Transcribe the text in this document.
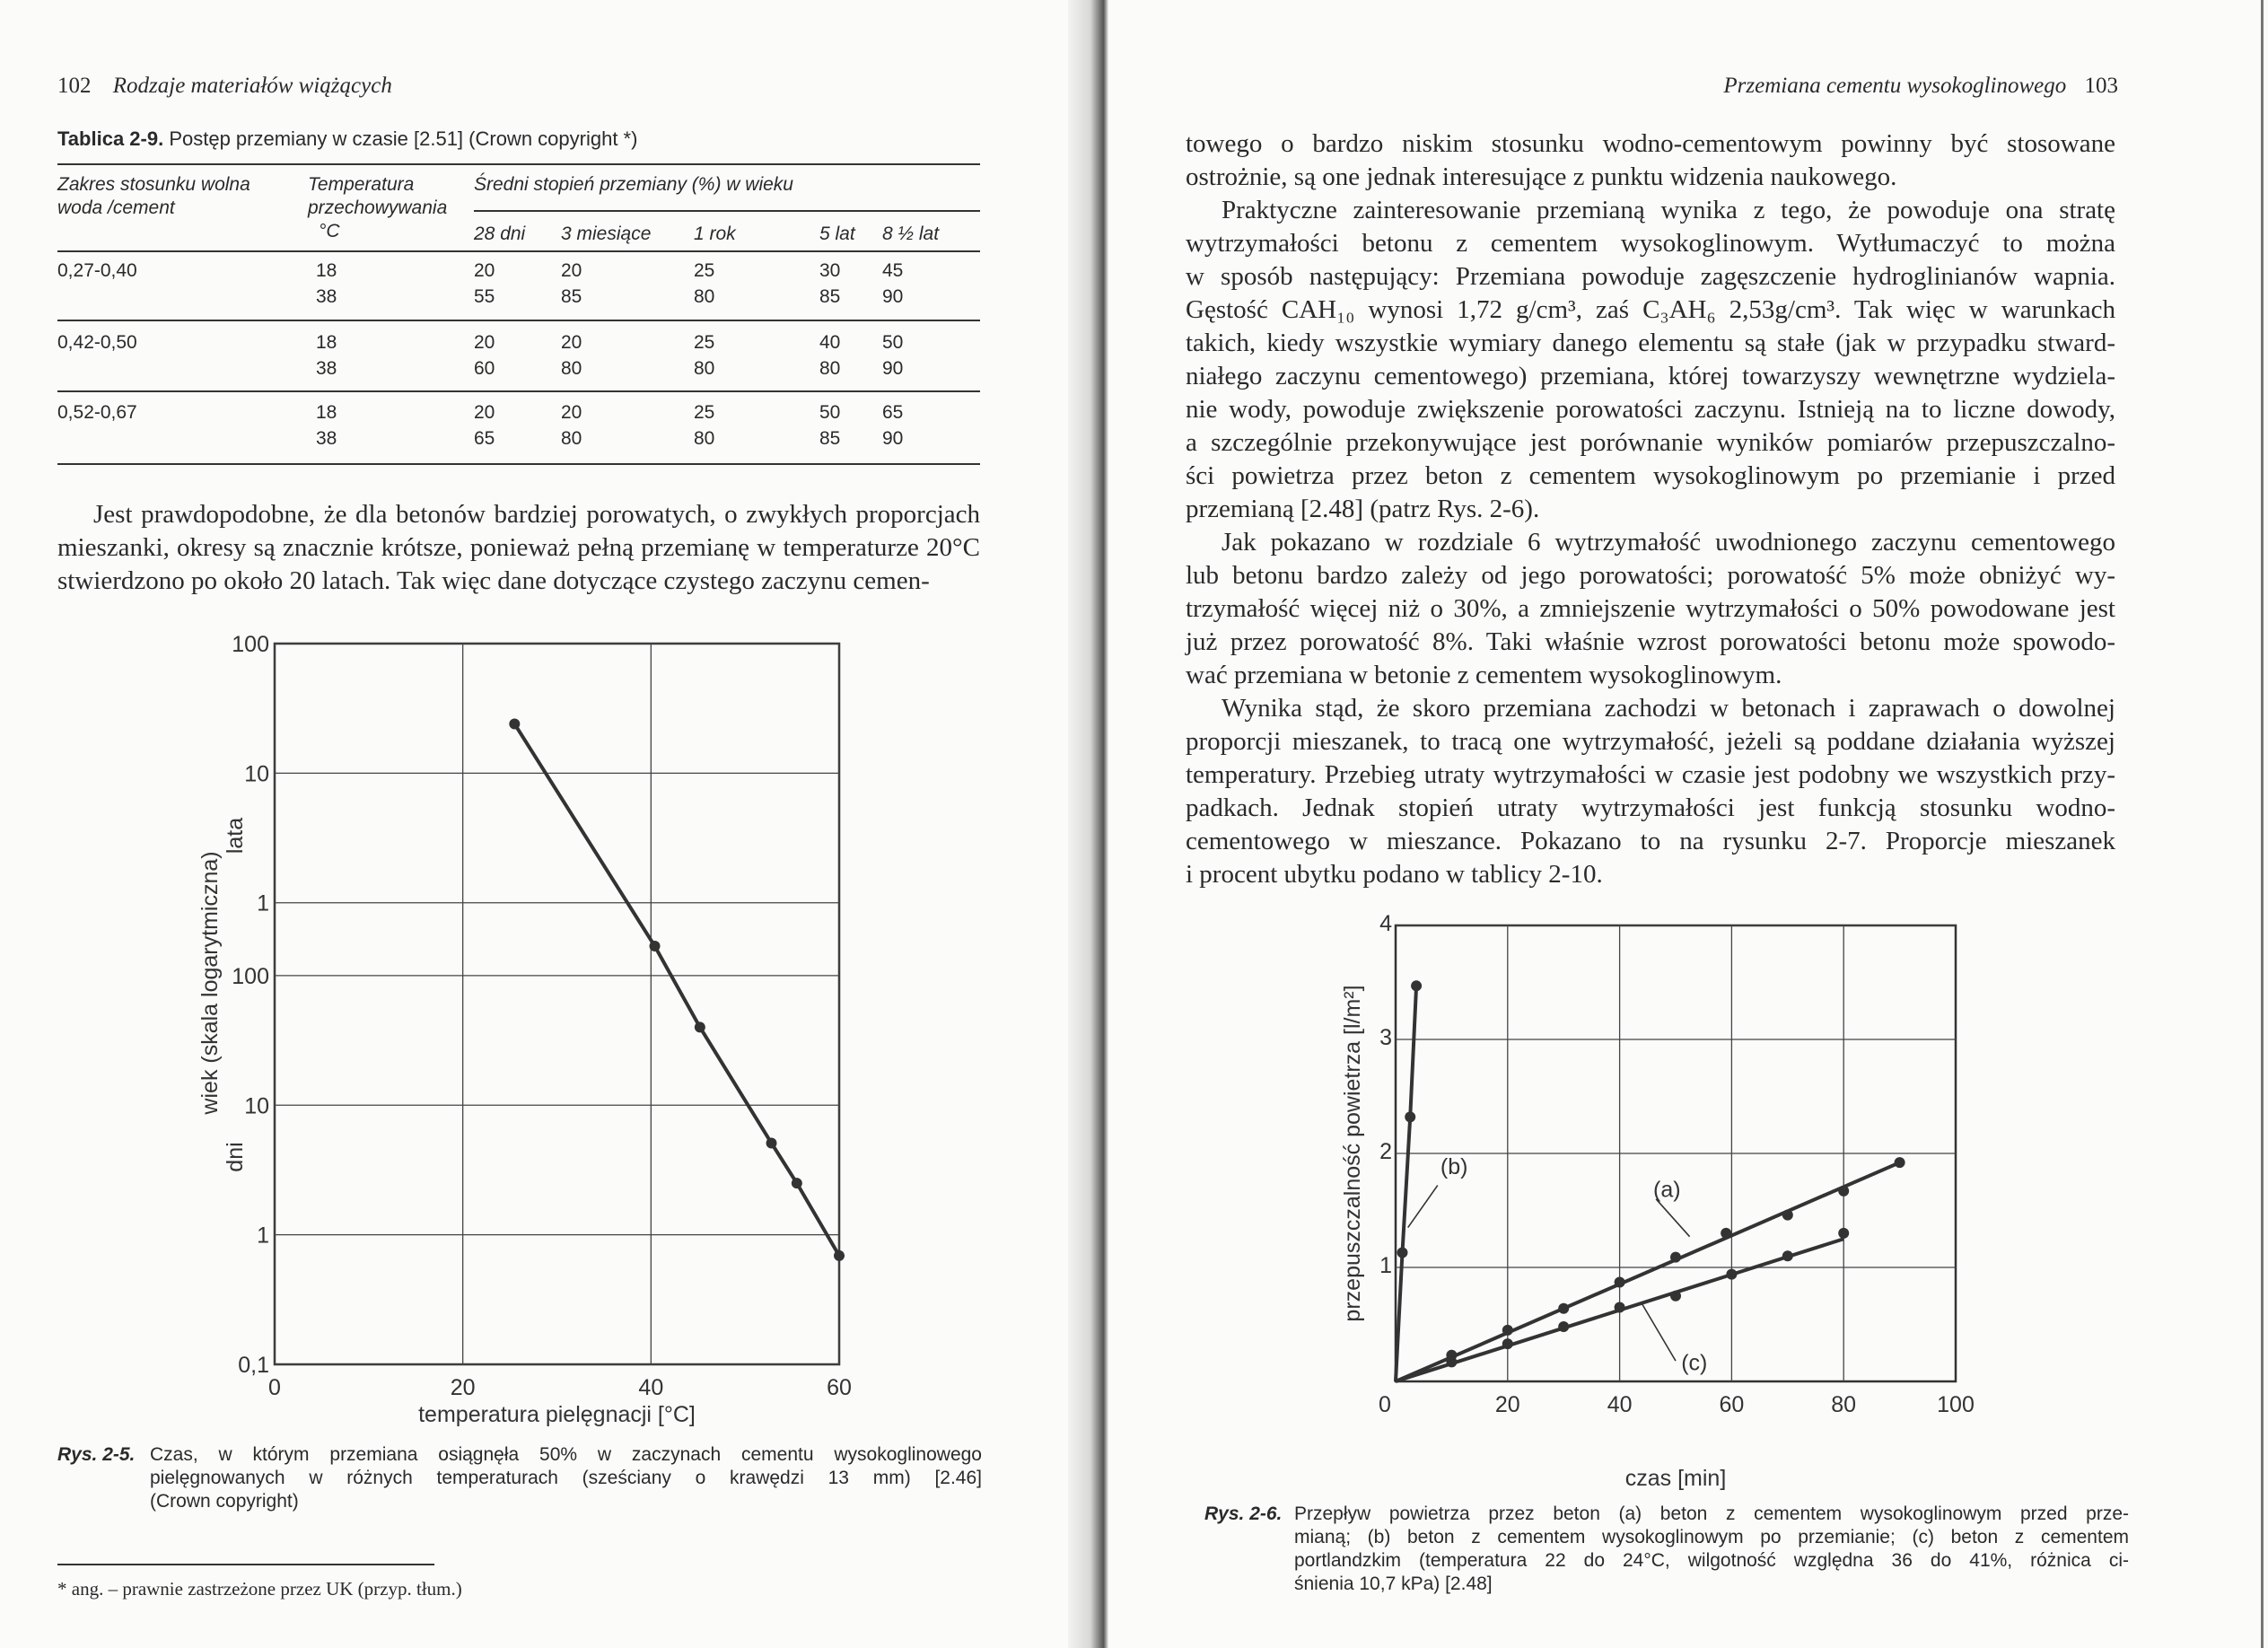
102 Rodzaje materiałów wiążących
Tablica 2-9. Postęp przemiany w czasie [2.51] (Crown copyright *)
Zakres stosunku wolna
woda /cement
Temperatura
przechowywania
°C
Średni stopień przemiany (%) w wieku
28 dni 3 miesiące 1 rok	5 lat 8 ½ lat
0,27-0,40	18	20	20	25	30 45
38	55	85	80	85 90
0,42-0,50	18	20	20	25	40 50
38	60	80	80	80 90
0,52-0,67	18	20	20	25	50 65
38	65	80	80	85 90
Jest prawdopodobne, że dla betonów bardziej porowatych, o zwykłych proporcjach
mieszanki, okresy są znacznie krótsze, ponieważ pełną przemianę w temperaturze 20°C
stwierdzono po około 20 latach. Tak więc dane dotyczące czystego zaczynu cemen-
0,1
1
10
100
1
10
100
0	20	40	60
temperatura pielęgnacji [°C]
wiek (skala logarytmiczna)
lata
dni
Rys. 2-5. Czas, w którym przemiana osiągnęła 50% w zaczynach cementu wysokoglinowego
pielęgnowanych w różnych temperaturach (sześciany o krawędzi 13 mm) [2.46]
(Crown copyright)
* ang. – prawnie zastrzeżone przez UK (przyp. tłum.)
Przemiana cementu wysokoglinowego 103
towego o bardzo niskim stosunku wodno-cementowym powinny być stosowane
ostrożnie, są one jednak interesujące z punktu widzenia naukowego.
Praktyczne zainteresowanie przemianą wynika z tego, że powoduje ona stratę
wytrzymałości betonu z cementem wysokoglinowym. Wytłumaczyć to można
w sposób następujący: Przemiana powoduje zagęszczenie hydroglinianów wapnia.
Gęstość CAH₁₀ wynosi 1,72 g/cm³, zaś C₃AH₆ 2,53g/cm³. Tak więc w warunkach
takich, kiedy wszystkie wymiary danego elementu są stałe (jak w przypadku stward-
niałego zaczynu cementowego) przemiana, której towarzyszy wewnętrzne wydziela-
nie wody, powoduje zwiększenie porowatości zaczynu. Istnieją na to liczne dowody,
a szczególnie przekonywujące jest porównanie wyników pomiarów przepuszczalno-
ści powietrza przez beton z cementem wysokoglinowym po przemianie i przed
przemianą [2.48] (patrz Rys. 2-6).
Jak pokazano w rozdziale 6 wytrzymałość uwodnionego zaczynu cementowego
lub betonu bardzo zależy od jego porowatości; porowatość 5% może obniżyć wy-
trzymałość więcej niż o 30%, a zmniejszenie wytrzymałości o 50% powodowane jest
już przez porowatość 8%. Taki właśnie wzrost porowatości betonu może spowodo-
wać przemiana w betonie z cementem wysokoglinowym.
Wynika stąd, że skoro przemiana zachodzi w betonach i zaprawach o dowolnej
proporcji mieszanek, to tracą one wytrzymałość, jeżeli są poddane działania wyższej
temperatury. Przebieg utraty wytrzymałości w czasie jest podobny we wszystkich przy-
padkach. Jednak stopień utraty wytrzymałości jest funkcją stosunku wodno-
cementowego w mieszance. Pokazano to na rysunku 2-7. Proporcje mieszanek
i procent ubytku podano w tablicy 2-10.
1
2
3
4
0	20	40	60	80	100
czas [min]
przepuszczalność powietrza [l/m²]	(a)
(b)
(c)
Rys. 2-6. Przepływ powietrza przez beton (a) beton z cementem wysokoglinowym przed prze-
mianą; (b) beton z cementem wysokoglinowym po przemianie; (c) beton z cementem
portlandzkim (temperatura 22 do 24°C, wilgotność względna 36 do 41%, różnica ci-
śnienia 10,7 kPa) [2.48]
